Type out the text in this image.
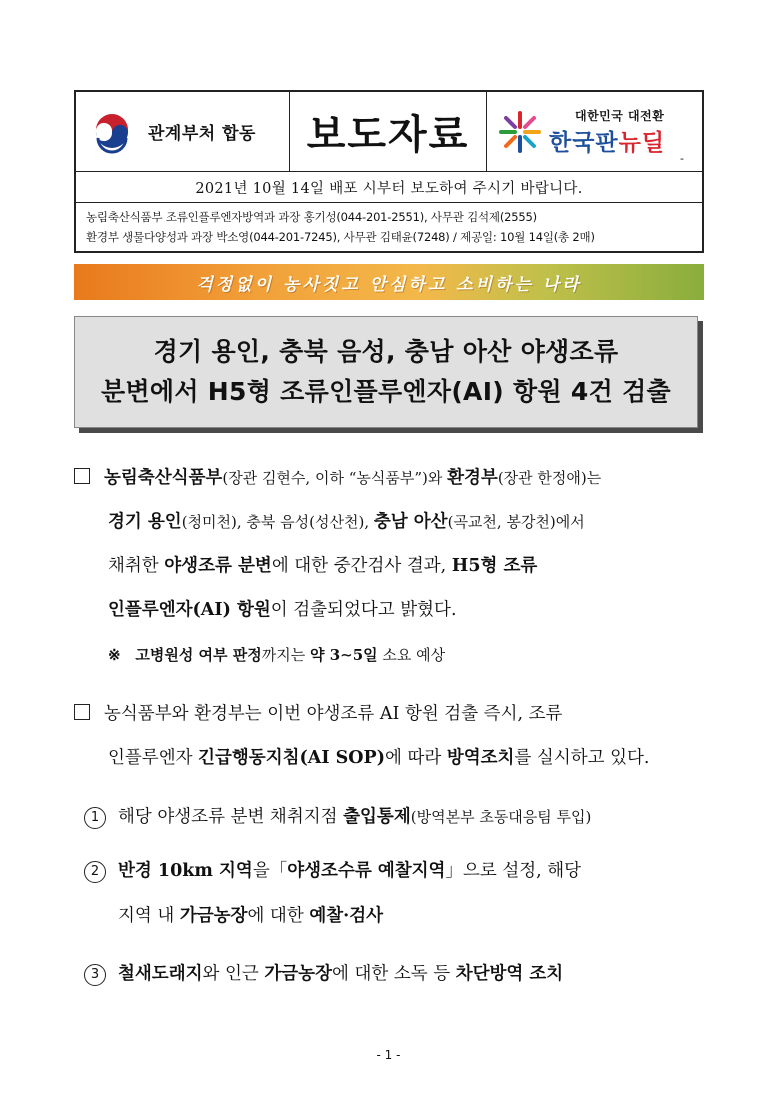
관계부처 합동 보도자료	대한민국 대전환
한국판뉴딜
-
2021년 10월 14일 배포 시부터 보도하여 주시기 바랍니다.
농림축산식품부 조류인플루엔자방역과 과장 홍기성(044-201-2551), 사무관 김석제(2555)
환경부 생물다양성과 과장 박소영(044-201-7245), 사무관 김태윤(7248) / 제공일: 10월 14일(총 2매)
걱정없이 농사짓고 안심하고 소비하는 나라
경기 용인, 충북 음성, 충남 아산 야생조류
분변에서 H5형 조류인플루엔자(AI) 항원 4건 검출
농림축산식품부(장관 김현수, 이하 “농식품부”)와 환경부(장관 한정애)는
경기 용인(청미천), 충북 음성(성산천), 충남 아산(곡교천, 봉강천)에서
채취한 야생조류 분변에 대한 중간검사 결과, H5형 조류
인플루엔자(AI) 항원이 검출되었다고 밝혔다.
※ 고병원성 여부 판정까지는 약 3∼5일 소요 예상
농식품부와 환경부는 이번 야생조류 AI 항원 검출 즉시, 조류
인플루엔자 긴급행동지침(AI SOP)에 따라 방역조치를 실시하고 있다.
1 해당 야생조류 분변 채취지점 출입통제(방역본부 초동대응팀 투입)
2 반경 10km 지역을「야생조수류 예찰지역」으로 설정, 해당
지역 내 가금농장에 대한 예찰·검사
3 철새도래지와 인근 가금농장에 대한 소독 등 차단방역 조치
- 1 -
